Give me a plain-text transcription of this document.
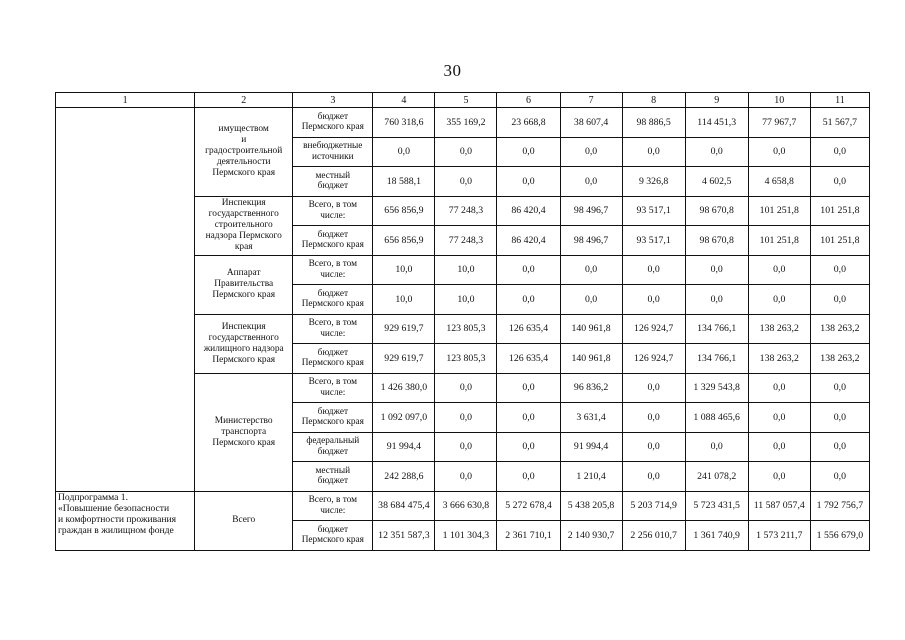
30
1	2	3	4	5	6	7	8	9	10	11
	имуществом
и
градостроительной
деятельности
Пермского края	бюджет
Пермского края	760 318,6	355 169,2	23 668,8	38 607,4	98 886,5	114 451,3	77 967,7	51 567,7
		внебюджетные
источники	0,0	0,0	0,0	0,0	0,0	0,0	0,0	0,0
		местный
бюджет	18 588,1	0,0	0,0	0,0	9 326,8	4 602,5	4 658,8	0,0
	Инспекция
государственного
строительного
надзора Пермского
края	Всего, в том
числе:	656 856,9	77 248,3	86 420,4	98 496,7	93 517,1	98 670,8	101 251,8	101 251,8
		бюджет
Пермского края	656 856,9	77 248,3	86 420,4	98 496,7	93 517,1	98 670,8	101 251,8	101 251,8
	Аппарат
Правительства
Пермского края	Всего, в том
числе:	10,0	10,0	0,0	0,0	0,0	0,0	0,0	0,0
		бюджет
Пермского края	10,0	10,0	0,0	0,0	0,0	0,0	0,0	0,0
	Инспекция
государственного
жилищного надзора
Пермского края	Всего, в том
числе:	929 619,7	123 805,3	126 635,4	140 961,8	126 924,7	134 766,1	138 263,2	138 263,2
		бюджет
Пермского края	929 619,7	123 805,3	126 635,4	140 961,8	126 924,7	134 766,1	138 263,2	138 263,2
	Министерство
транспорта
Пермского края	Всего, в том
числе:	1 426 380,0	0,0	0,0	96 836,2	0,0	1 329 543,8	0,0	0,0
		бюджет
Пермского края	1 092 097,0	0,0	0,0	3 631,4	0,0	1 088 465,6	0,0	0,0
		федеральный
бюджет	91 994,4	0,0	0,0	91 994,4	0,0	0,0	0,0	0,0
		местный
бюджет	242 288,6	0,0	0,0	1 210,4	0,0	241 078,2	0,0	0,0
Подпрограмма 1.
«Повышение безопасности
и комфортности проживания
граждан в жилищном фонде	Всего	Всего, в том
числе:	38 684 475,4	3 666 630,8	5 272 678,4	5 438 205,8	5 203 714,9	5 723 431,5	11 587 057,4	1 792 756,7
		бюджет
Пермского края	12 351 587,3	1 101 304,3	2 361 710,1	2 140 930,7	2 256 010,7	1 361 740,9	1 573 211,7	1 556 679,0
